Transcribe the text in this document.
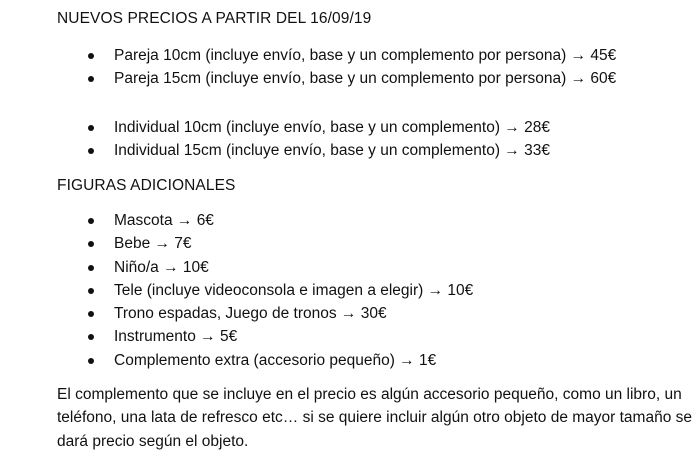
NUEVOS PRECIOS A PARTIR DEL 16/09/19
Pareja 10cm (incluye envío, base y un complemento por persona) → 45€
Pareja 15cm (incluye envío, base y un complemento por persona) → 60€
Individual 10cm (incluye envío, base y un complemento) → 28€
Individual 15cm (incluye envío, base y un complemento) → 33€
FIGURAS ADICIONALES
Mascota → 6€
Bebe → 7€
Niño/a → 10€
Tele (incluye videoconsola e imagen a elegir) → 10€
Trono espadas, Juego de tronos → 30€
Instrumento → 5€
Complemento extra (accesorio pequeño) → 1€
El complemento que se incluye en el precio es algún accesorio pequeño, como un libro, un
teléfono, una lata de refresco etc… si se quiere incluir algún otro objeto de mayor tamaño se
dará precio según el objeto.
